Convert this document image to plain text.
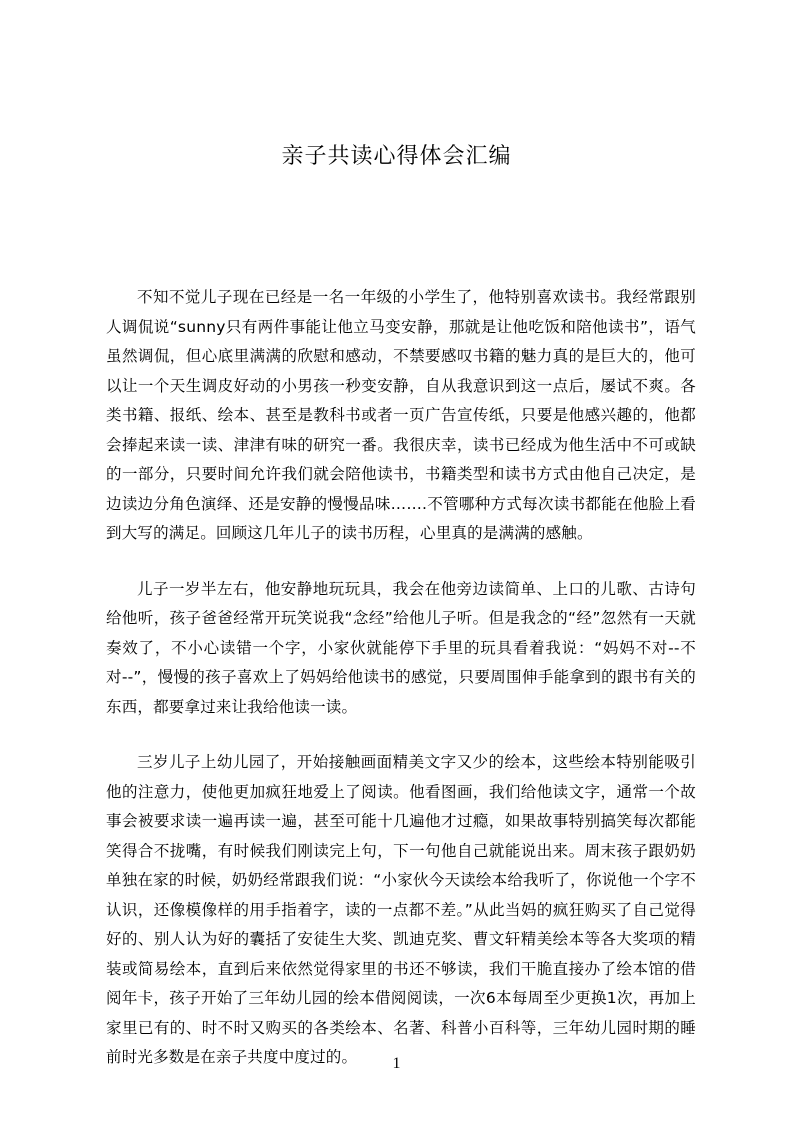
亲子共读心得体会汇编

不知不觉儿子现在已经是一名一年级的小学生了，他特别喜欢读书。我经常跟别人调侃说“sunny只有两件事能让他立马变安静，那就是让他吃饭和陪他读书”，语气虽然调侃，但心底里满满的欣慰和感动，不禁要感叹书籍的魅力真的是巨大的，他可以让一个天生调皮好动的小男孩一秒变安静，自从我意识到这一点后，屡试不爽。各类书籍、报纸、绘本、甚至是教科书或者一页广告宣传纸，只要是他感兴趣的，他都会捧起来读一读、津津有味的研究一番。我很庆幸，读书已经成为他生活中不可或缺的一部分，只要时间允许我们就会陪他读书，书籍类型和读书方式由他自己决定，是边读边分角色演绎、还是安静的慢慢品味…….不管哪种方式每次读书都能在他脸上看到大写的满足。回顾这几年儿子的读书历程，心里真的是满满的感触。

儿子一岁半左右，他安静地玩玩具，我会在他旁边读简单、上口的儿歌、古诗句给他听，孩子爸爸经常开玩笑说我“念经”给他儿子听。但是我念的“经”忽然有一天就奏效了，不小心读错一个字，小家伙就能停下手里的玩具看着我说：“妈妈不对--不对--”，慢慢的孩子喜欢上了妈妈给他读书的感觉，只要周围伸手能拿到的跟书有关的东西，都要拿过来让我给他读一读。

三岁儿子上幼儿园了，开始接触画面精美文字又少的绘本，这些绘本特别能吸引他的注意力，使他更加疯狂地爱上了阅读。他看图画，我们给他读文字，通常一个故事会被要求读一遍再读一遍，甚至可能十几遍他才过瘾，如果故事特别搞笑每次都能笑得合不拢嘴，有时候我们刚读完上句，下一句他自己就能说出来。周末孩子跟奶奶单独在家的时候，奶奶经常跟我们说：“小家伙今天读绘本给我听了，你说他一个字不认识，还像模像样的用手指着字，读的一点都不差。”从此当妈的疯狂购买了自己觉得好的、别人认为好的囊括了安徒生大奖、凯迪克奖、曹文轩精美绘本等各大奖项的精装或简易绘本，直到后来依然觉得家里的书还不够读，我们干脆直接办了绘本馆的借阅年卡，孩子开始了三年幼儿园的绘本借阅阅读，一次6本每周至少更换1次，再加上家里已有的、时不时又购买的各类绘本、名著、科普小百科等，三年幼儿园时期的睡前时光多数是在亲子共度中度过的。	1
